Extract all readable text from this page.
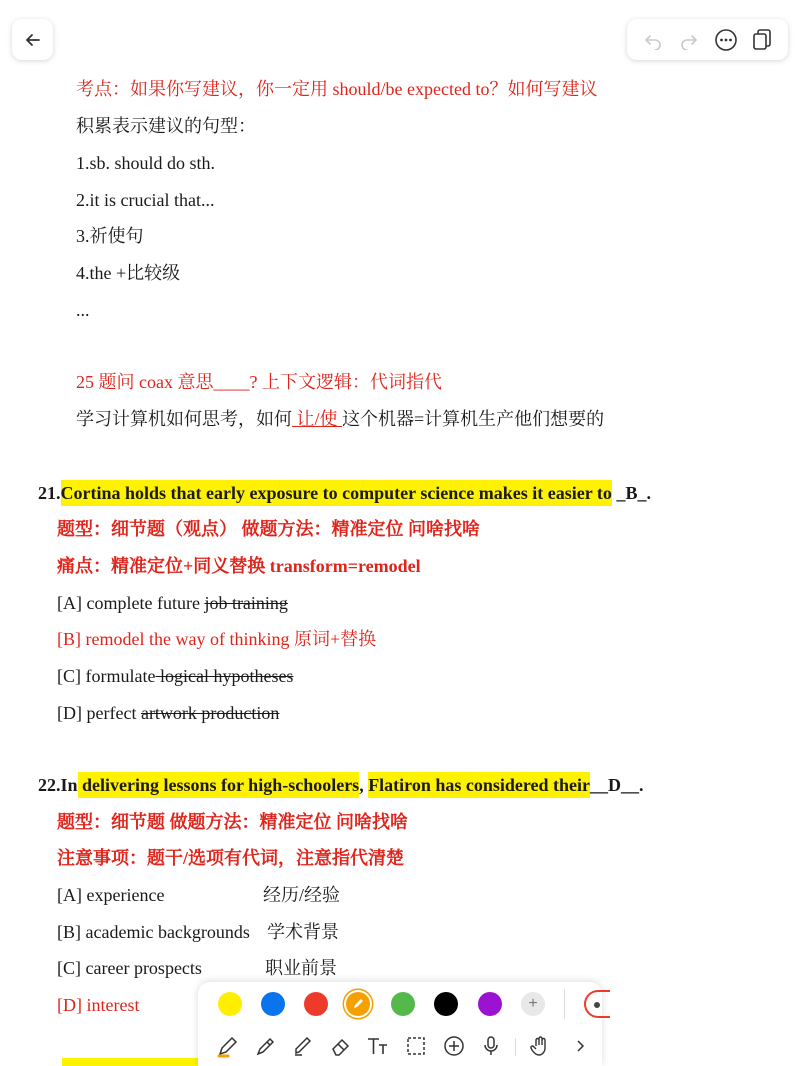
考点：如果你写建议，你一定用 should/be expected to？如何写建议
积累表示建议的句型：
1.sb. should do sth.
2.it is crucial that...
3.祈使句
4.the +比较级
...
25 题问 coax 意思____? 上下文逻辑：代词指代
学习计算机如何思考，如何 让/使 这个机器=计算机生产他们想要的
21.Cortina holds that early exposure to computer science makes it easier to _B_.
题型：细节题（观点） 做题方法：精准定位 问啥找啥
痛点：精准定位+同义替换 transform=remodel
[A] complete future job training
[B] remodel the way of thinking 原词+替换
[C] formulate logical hypotheses
[D] perfect artwork production
22.In delivering lessons for high-schoolers, Flatiron has considered their__D__.
题型：细节题 做题方法：精准定位 问啥找啥
注意事项：题干/选项有代词，注意指代清楚
[A] experience	经历/经验
[B] academic backgrounds 学术背景
[C] career prospects	职业前景
[D] interest	+
